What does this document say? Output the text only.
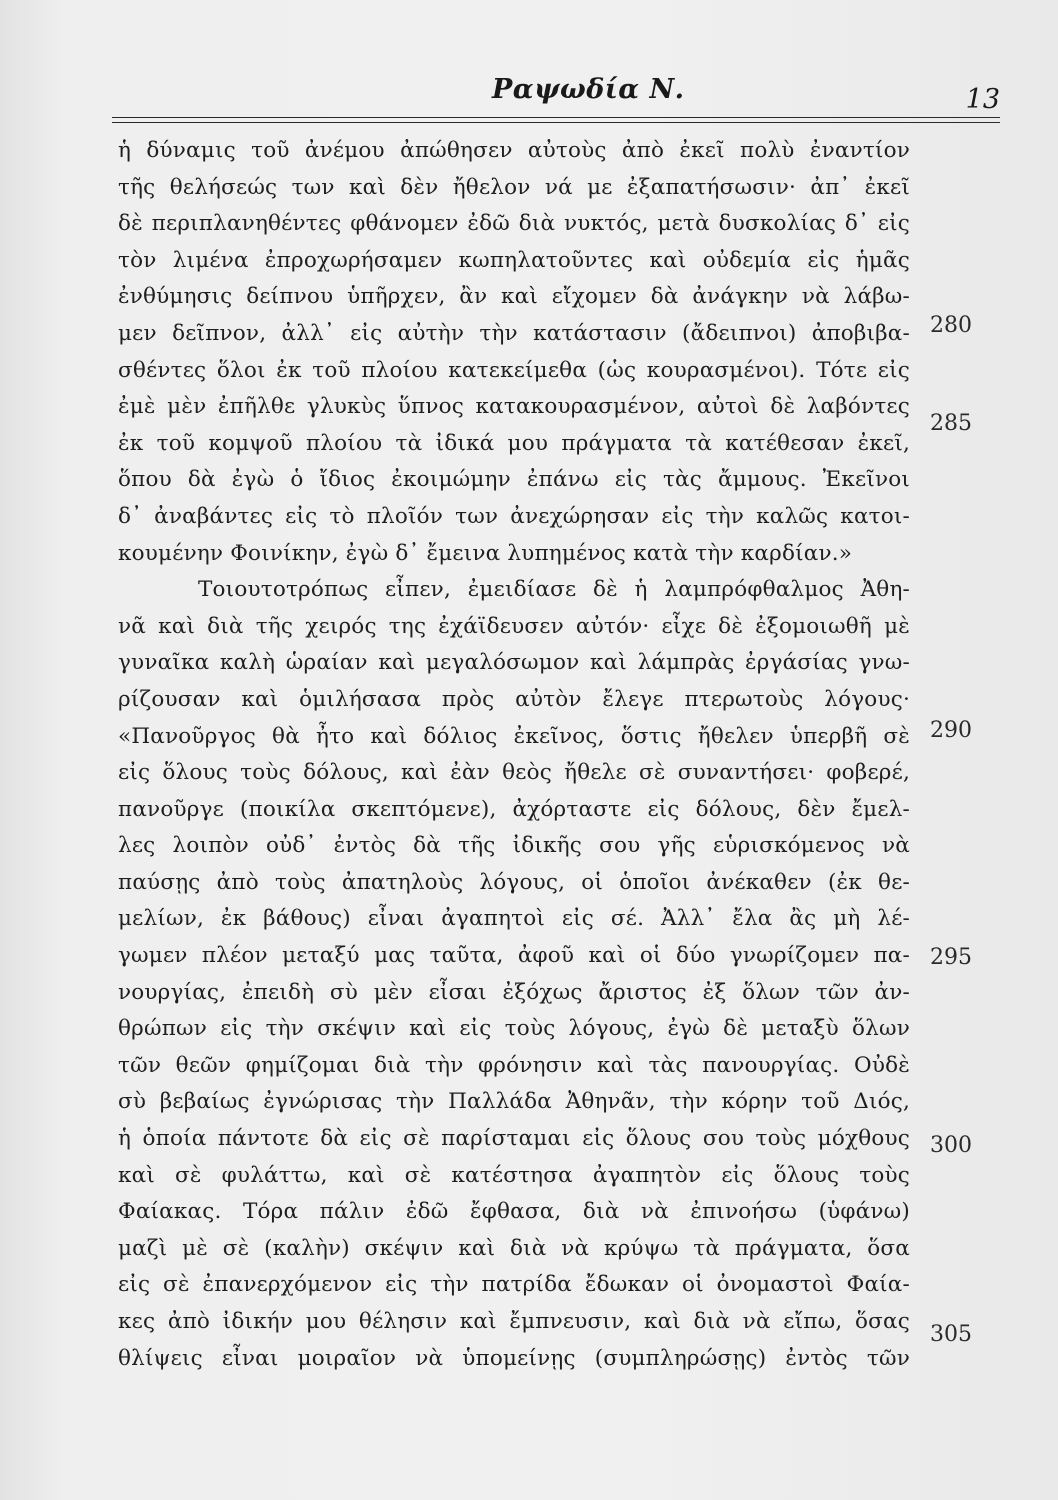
Ραψωδία Ν.	13
ἡ δύναμις τοῦ ἀνέμου ἀπώθησεν αὐτοὺς ἀπὸ ἐκεῖ πολὺ ἐναντίον
τῆς θελήσεώς των καὶ δὲν ἤθελον νά με ἐξαπατήσωσιν· ἀπ᾽ ἐκεῖ
δὲ περιπλανηθέντες φθάνομεν ἐδῶ διὰ νυκτός, μετὰ δυσκολίας δ᾽ εἰς
τὸν λιμένα ἐπροχωρήσαμεν κωπηλατοῦντες καὶ οὐδεμία εἰς ἡμᾶς
ἐνθύμησις δείπνου ὑπῆρχεν, ἂν καὶ εἴχομεν δὰ ἀνάγκην νὰ λάβω-
μεν δεῖπνον, ἀλλ᾽ εἰς αὐτὴν τὴν κατάστασιν (ἄδειπνοι) ἀποβιβα-
σθέντες ὅλοι ἐκ τοῦ πλοίου κατεκείμεθα (ὡς κουρασμένοι). Τότε εἰς
ἐμὲ μὲν ἐπῆλθε γλυκὺς ὕπνος κατακουρασμένον, αὐτοὶ δὲ λαβόντες
ἐκ τοῦ κομψοῦ πλοίου τὰ ἰδικά μου πράγματα τὰ κατέθεσαν ἐκεῖ,
ὅπου δὰ ἐγὼ ὁ ἴδιος ἐκοιμώμην ἐπάνω εἰς τὰς ἄμμους. Ἐκεῖνοι
δ᾽ ἀναβάντες εἰς τὸ πλοῖόν των ἀνεχώρησαν εἰς τὴν καλῶς κατοι-
κουμένην Φοινίκην, ἐγὼ δ᾽ ἔμεινα λυπημένος κατὰ τὴν καρδίαν.»
Τοιουτοτρόπως εἶπεν, ἐμειδίασε δὲ ἡ λαμπρόφθαλμος Ἀθη-
νᾶ καὶ διὰ τῆς χειρός της ἐχάϊδευσεν αὐτόν· εἶχε δὲ ἐξομοιωθῆ μὲ
γυναῖκα καλὴ ὡραίαν καὶ μεγαλόσωμον καὶ λάμπρὰς ἐργάσίας γνω-
ρίζουσαν καὶ ὁμιλήσασα πρὸς αὐτὸν ἔλεγε πτερωτοὺς λόγους·
«Πανοῦργος θὰ ἦτο καὶ δόλιος ἐκεῖνος, ὅστις ἤθελεν ὑπερβῆ σὲ
εἰς ὅλους τοὺς δόλους, καὶ ἐὰν θεὸς ἤθελε σὲ συναντήσει· φοβερέ,
πανοῦργε (ποικίλα σκεπτόμενε), ἀχόρταστε εἰς δόλους, δὲν ἔμελ-
λες λοιπὸν οὐδ᾽ ἐντὸς δὰ τῆς ἰδικῆς σου γῆς εὑρισκόμενος νὰ
παύσῃς ἀπὸ τοὺς ἀπατηλοὺς λόγους, οἱ ὁποῖοι ἀνέκαθεν (ἐκ θε-
μελίων, ἐκ βάθους) εἶναι ἀγαπητοὶ εἰς σέ. Ἀλλ᾽ ἔλα ἂς μὴ λέ-
γωμεν πλέον μεταξύ μας ταῦτα, ἀφοῦ καὶ οἱ δύο γνωρίζομεν πα-
νουργίας, ἐπειδὴ σὺ μὲν εἶσαι ἐξόχως ἄριστος ἐξ ὅλων τῶν ἀν-
θρώπων εἰς τὴν σκέψιν καὶ εἰς τοὺς λόγους, ἐγὼ δὲ μεταξὺ ὅλων
τῶν θεῶν φημίζομαι διὰ τὴν φρόνησιν καὶ τὰς πανουργίας. Οὐδὲ
σὺ βεβαίως ἐγνώρισας τὴν Παλλάδα Ἀθηνᾶν, τὴν κόρην τοῦ Διός,
ἡ ὁποία πάντοτε δὰ εἰς σὲ παρίσταμαι εἰς ὅλους σου τοὺς μόχθους
καὶ σὲ φυλάττω, καὶ σὲ κατέστησα ἀγαπητὸν εἰς ὅλους τοὺς
Φαίακας. Τόρα πάλιν ἐδῶ ἔφθασα, διὰ νὰ ἐπινοήσω (ὑφάνω)
μαζὶ μὲ σὲ (καλὴν) σκέψιν καὶ διὰ νὰ κρύψω τὰ πράγματα, ὅσα
εἰς σὲ ἐπανερχόμενον εἰς τὴν πατρίδα ἔδωκαν οἱ ὀνομαστοὶ Φαία-
κες ἀπὸ ἰδικήν μου θέλησιν καὶ ἔμπνευσιν, καὶ διὰ νὰ εἴπω, ὅσας
θλίψεις εἶναι μοιραῖον νὰ ὑπομείνῃς (συμπληρώσῃς) ἐντὸς τῶν
280
285
290
295
300
305
